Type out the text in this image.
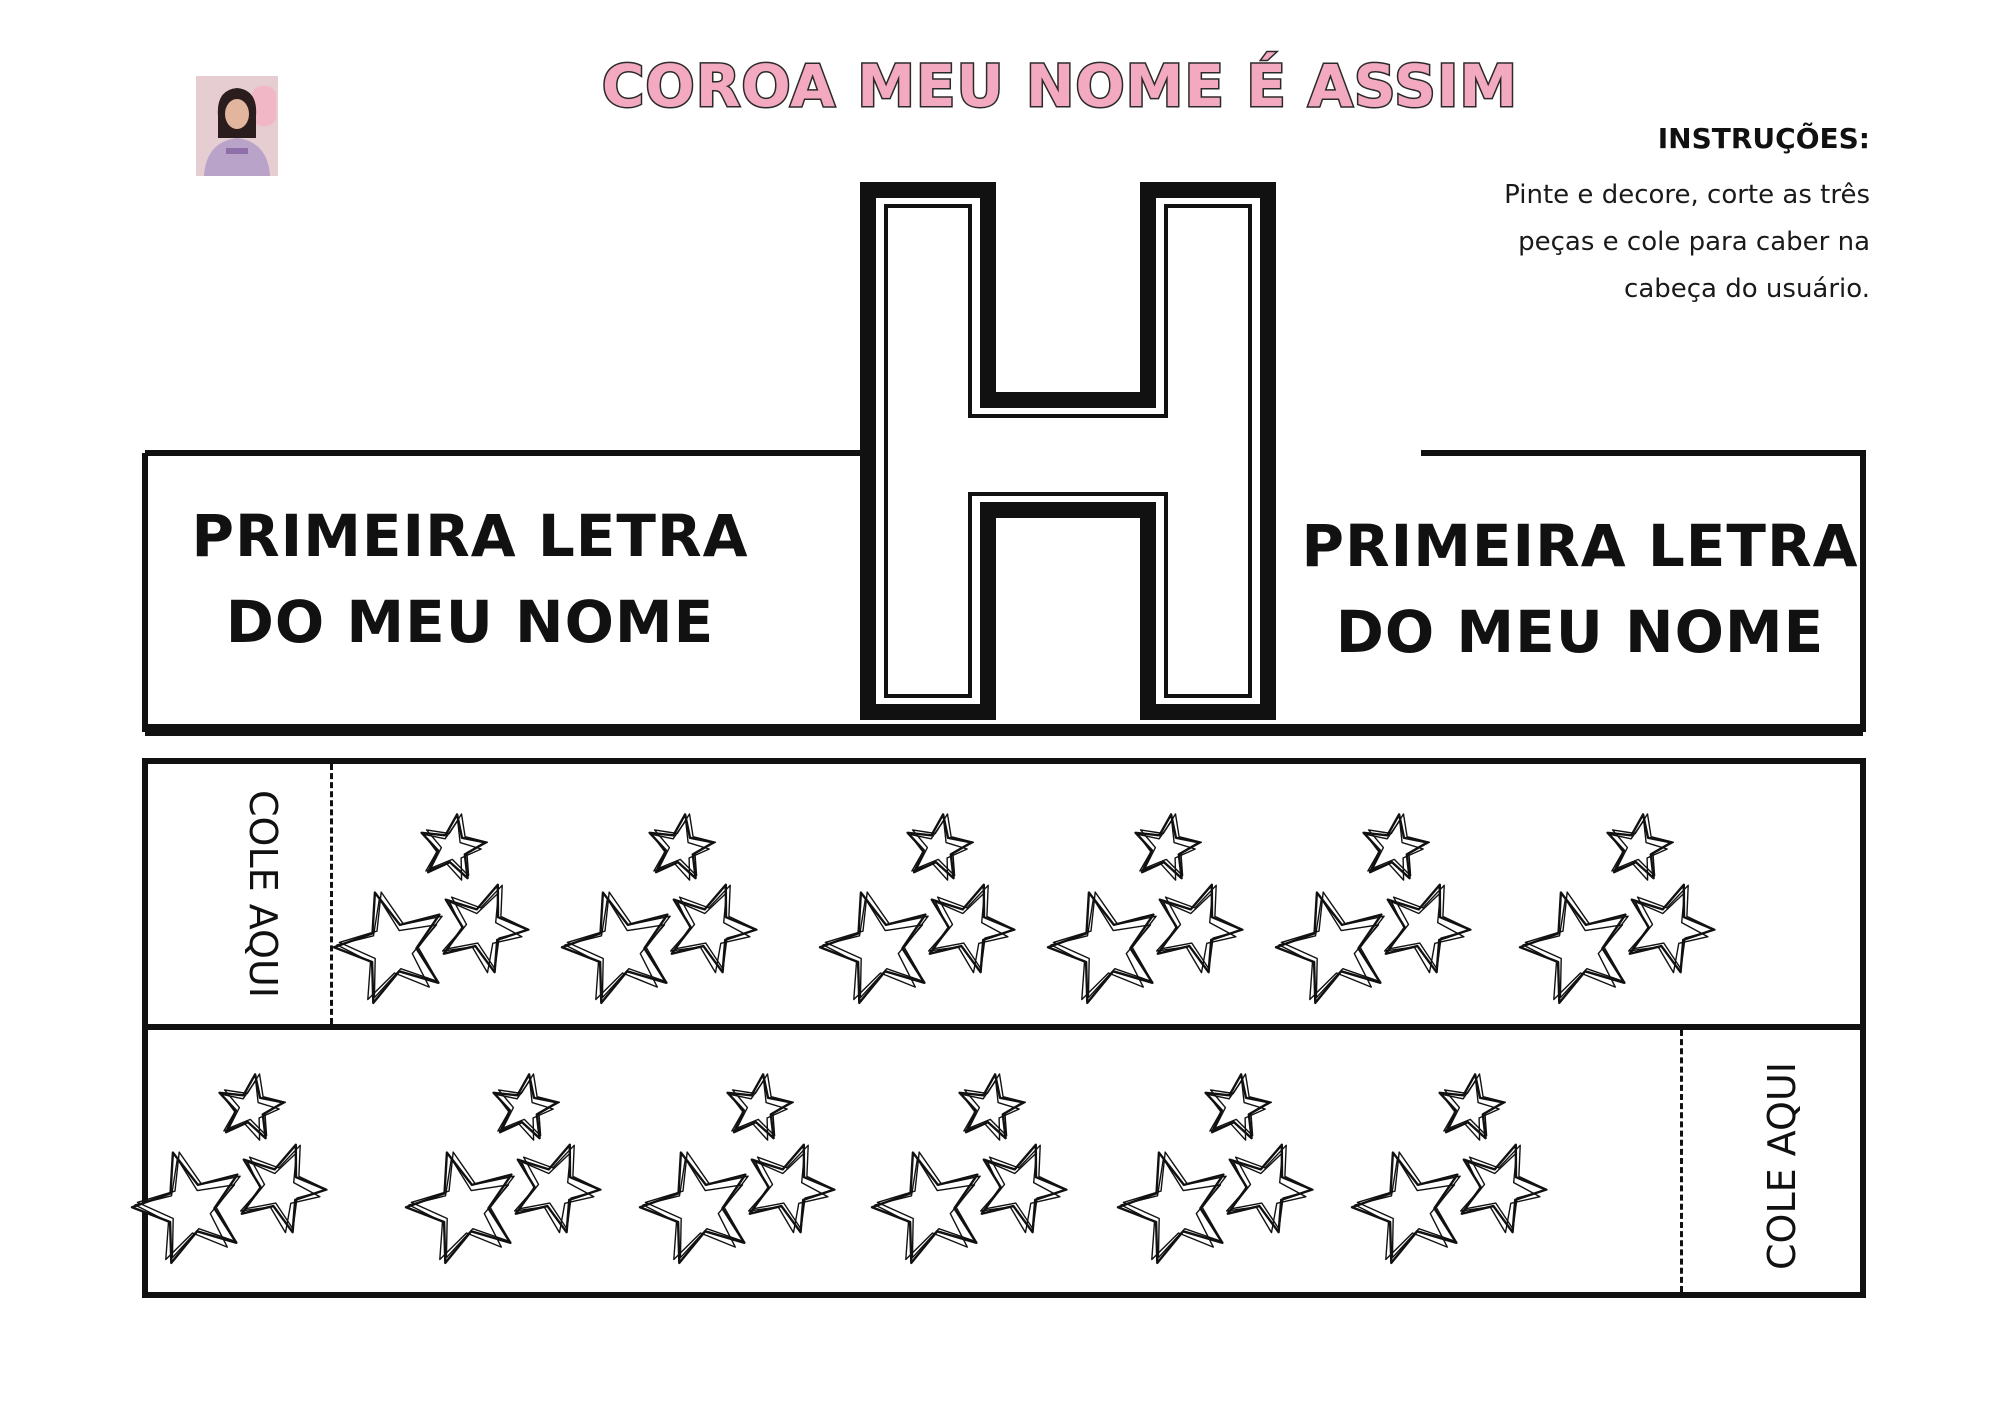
COROA MEU NOME É ASSIM
INSTRUÇÕES:
Pinte e decore, corte as três peças e cole para caber na cabeça do usuário.
H
PRIMEIRA LETRA
DO MEU NOME
PRIMEIRA LETRA
DO MEU NOME
COLE AQUI
COLE AQUI
